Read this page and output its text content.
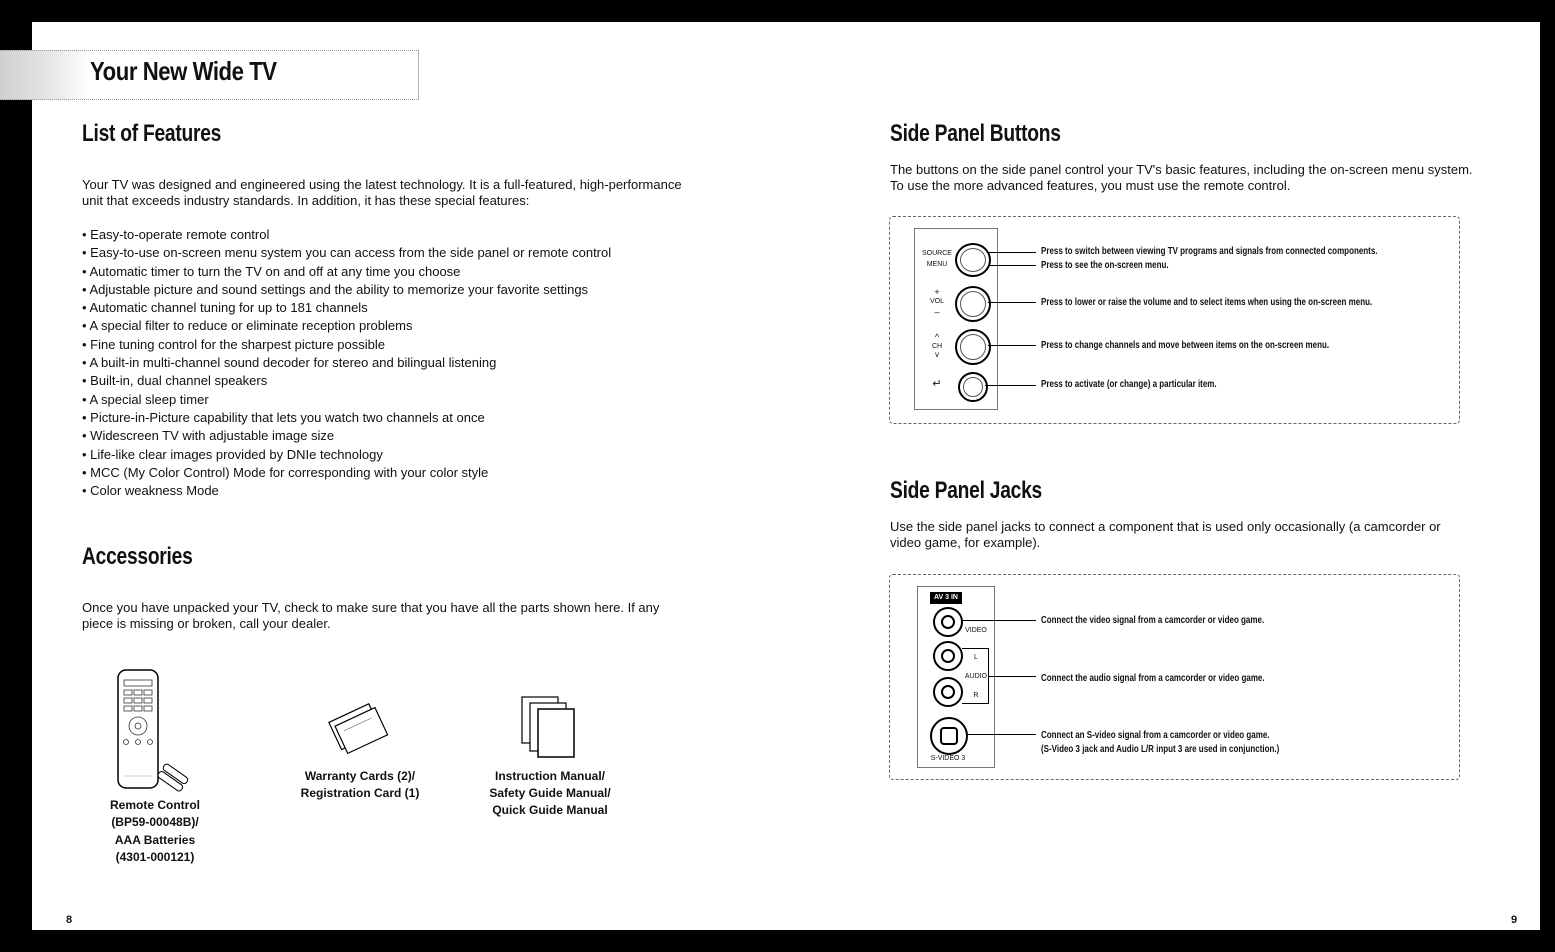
Your New Wide TV
List of Features

Your TV was designed and engineered using the latest technology. It is a full-featured, high-performance

unit that exceeds industry standards. In addition, it has these special features:

• Easy-to-operate remote control
• Easy-to-use on-screen menu system you can access from the side panel or remote control
• Automatic timer to turn the TV on and off at any time you choose
• Adjustable picture and sound settings and the ability to memorize your favorite settings
• Automatic channel tuning for up to 181 channels
• A special filter to reduce or eliminate reception problems
• Fine tuning control for the sharpest picture possible
• A built-in multi-channel sound decoder for stereo and bilingual listening
• Built-in, dual channel speakers
• A special sleep timer
• Picture-in-Picture capability that lets you watch two channels at once
• Widescreen TV with adjustable image size
• Life-like clear images provided by DNIe technology
• MCC (My Color Control) Mode for corresponding with your color style
• Color weakness Mode
Accessories

Once you have unpacked your TV, check to make sure that you have all the parts shown here. If any

piece is missing or broken, call your dealer.

Remote Control
(BP59-00048B)/
AAA Batteries
(4301-000121)
Warranty Cards (2)/
Registration Card (1)
Instruction Manual/
Safety Guide Manual/
Quick Guide Manual
8
Side Panel Buttons

The buttons on the side panel control your TV's basic features, including the on-screen menu system.

To use the more advanced features, you must use the remote control.

SOURCE
MENU
+
VOL
–
^
CH
v
↵
Press to switch between viewing TV programs and signals from connected components.
Press to see the on-screen menu.
Press to lower or raise the volume and to select items when using the on-screen menu.
Press to change channels and move between items on the on-screen menu.
Press to activate (or change) a particular item.
Side Panel Jacks

Use the side panel jacks to connect a component that is used only occasionally (a camcorder or

video game, for example).

AV 3 IN
VIDEO
L
AUDIO
R
S-VIDEO 3
Connect the video signal from a camcorder or video game.
Connect the audio signal from a camcorder or video game.
Connect an S-video signal from a camcorder or video game.
(S-Video 3 jack and Audio L/R input 3 are used in conjunction.)
9
